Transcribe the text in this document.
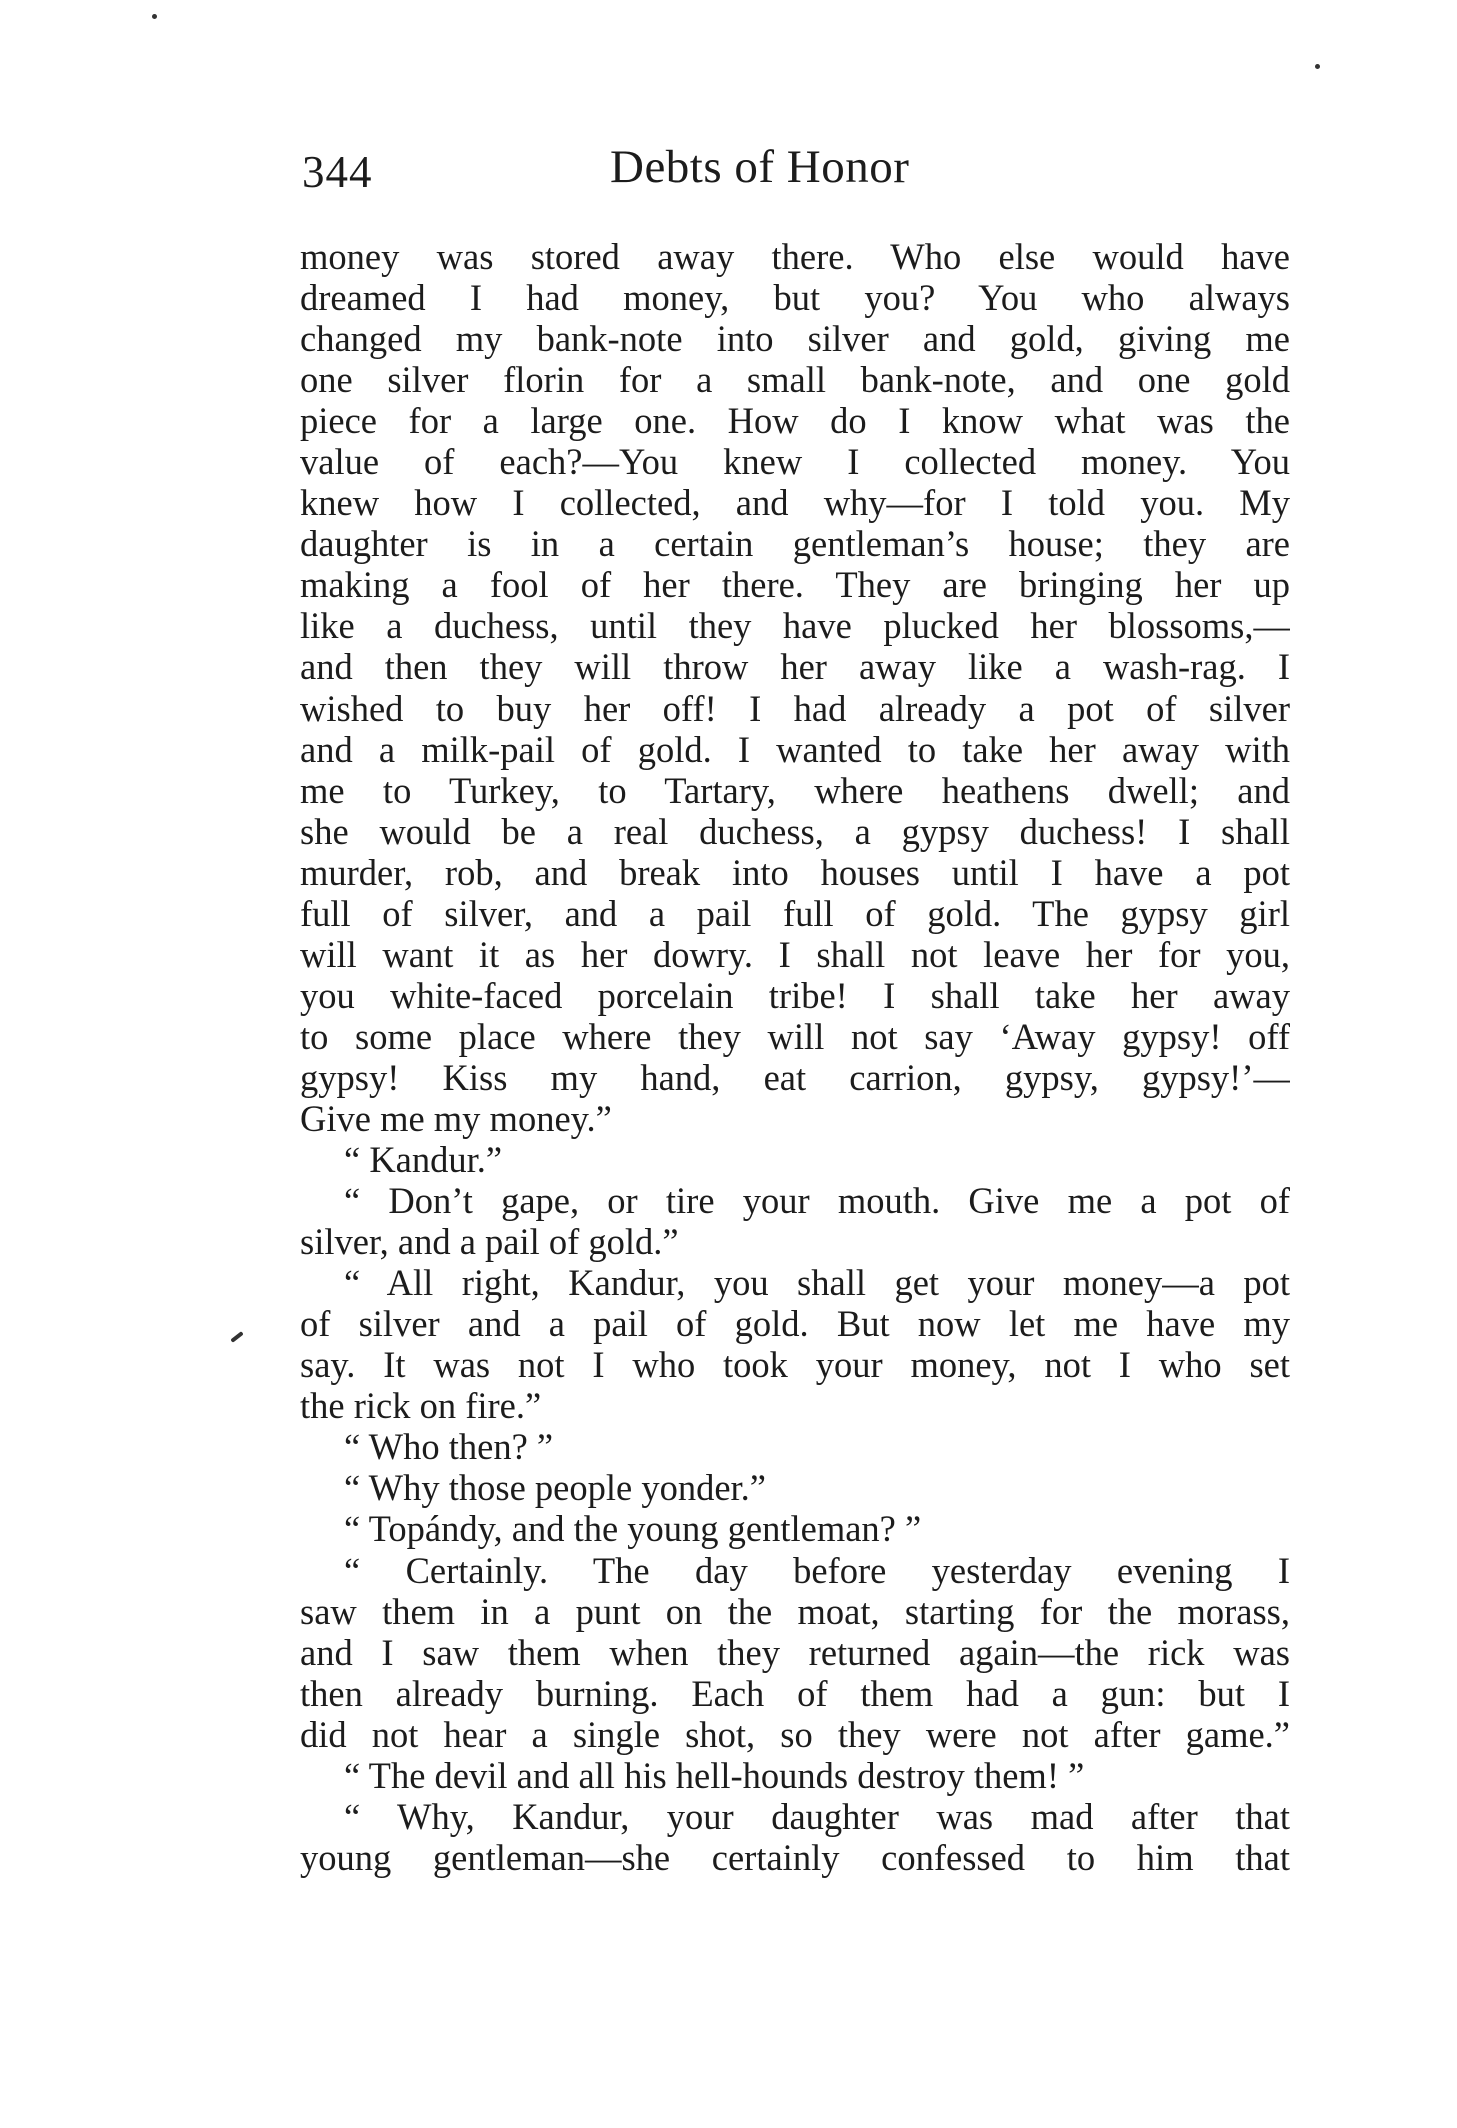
344	Debts of Honor
money was stored away there. Who else would have
dreamed I had money, but you? You who always
changed my bank-note into silver and gold, giving me
one silver florin for a small bank-note, and one gold
piece for a large one. How do I know what was the
value of each?—You knew I collected money. You
knew how I collected, and why—for I told you. My
daughter is in a certain gentleman’s house; they are
making a fool of her there. They are bringing her up
like a duchess, until they have plucked her blossoms,—
and then they will throw her away like a wash-rag. I
wished to buy her off! I had already a pot of silver
and a milk-pail of gold. I wanted to take her away with
me to Turkey, to Tartary, where heathens dwell; and
she would be a real duchess, a gypsy duchess! I shall
murder, rob, and break into houses until I have a pot
full of silver, and a pail full of gold. The gypsy girl
will want it as her dowry. I shall not leave her for you,
you white-faced porcelain tribe! I shall take her away
to some place where they will not say ‘Away gypsy! off
gypsy! Kiss my hand, eat carrion, gypsy, gypsy!’—
Give me my money.”
“ Kandur.”
“ Don’t gape, or tire your mouth. Give me a pot of
silver, and a pail of gold.”
“ All right, Kandur, you shall get your money—a pot
of silver and a pail of gold. But now let me have my
say. It was not I who took your money, not I who set
the rick on fire.”
“ Who then? ”
“ Why those people yonder.”
“ Topándy, and the young gentleman? ”
“ Certainly. The day before yesterday evening I
saw them in a punt on the moat, starting for the morass,
and I saw them when they returned again—the rick was
then already burning. Each of them had a gun: but I
did not hear a single shot, so they were not after game.”
“ The devil and all his hell-hounds destroy them! ”
“ Why, Kandur, your daughter was mad after that
young gentleman—she certainly confessed to him that
